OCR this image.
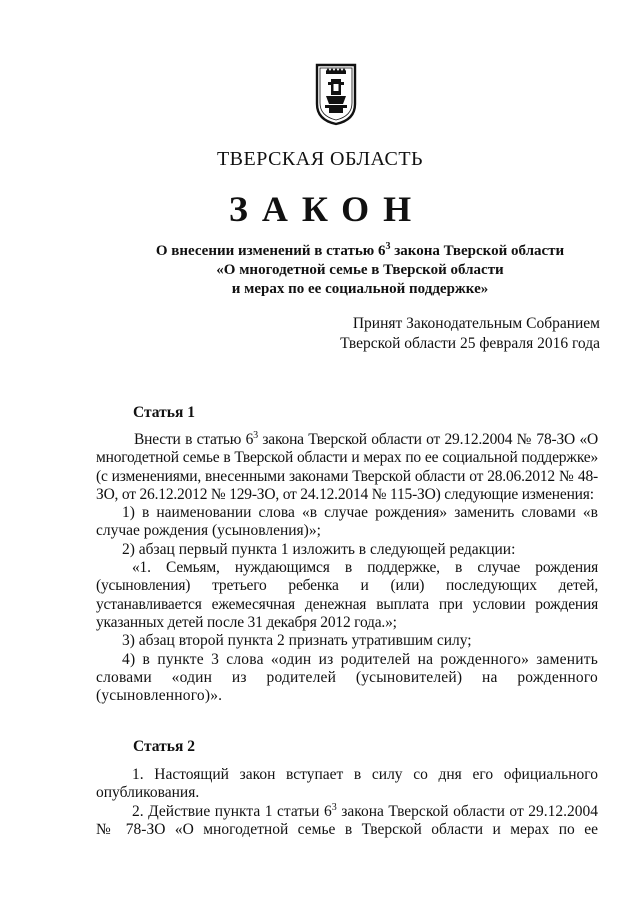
ТВЕРСКАЯ ОБЛАСТЬ
ЗАКОН
О внесении изменений в статью $6^3$ закона Тверской области
«О многодетной семье в Тверской области
и мерах по ее социальной поддержке»
Принят Законодательным Собранием
Тверской области 25 февраля 2016 года
Статья 1

Внести в статью $6^3$ закона Тверской области от 29.12.2004 № 78-ЗО «О многодетной семье в Тверской области и мерах по ее социальной поддержке» (с изменениями, внесенными законами Тверской области от 28.06.2012 № 48-ЗО, от 26.12.2012 № 129-ЗО, от 24.12.2014 № 115-ЗО) следующие изменения:

1) в наименовании слова «в случае рождения» заменить словами «в случае рождения (усыновления)»;

2) абзац первый пункта 1 изложить в следующей редакции:

«1. Семьям, нуждающимся в поддержке, в случае рождения (усыновления) третьего ребенка и (или) последующих детей, устанавливается ежемесячная денежная выплата при условии рождения указанных детей после 31 декабря 2012 года.»;

3) абзац второй пункта 2 признать утратившим силу;

4) в пункте 3 слова «один из родителей на рожденного» заменить словами «один из родителей (усыновителей) на рожденного (усыновленного)».

Статья 2

1. Настоящий закон вступает в силу со дня его официального опубликования.

2. Действие пункта 1 статьи $6^3$ закона Тверской области от 29.12.2004 № 78-ЗО «О многодетной семье в Тверской области и мерах по ее
